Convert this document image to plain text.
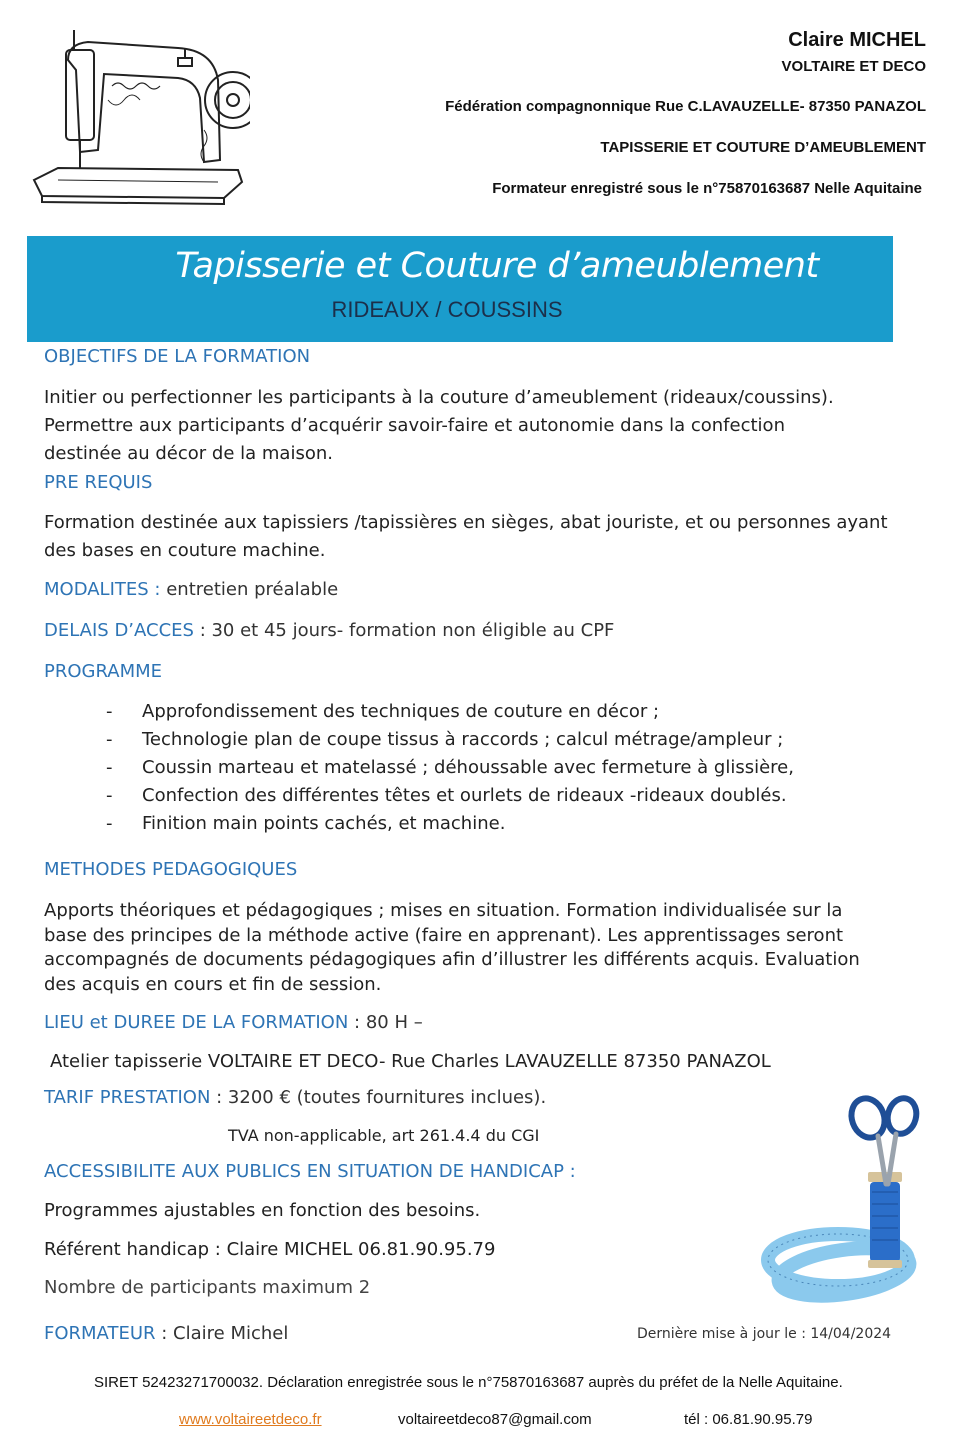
Claire MICHEL
VOLTAIRE ET DECO
Fédération compagnonnique Rue C.LAVAUZELLE- 87350 PANAZOL
TAPISSERIE ET COUTURE D’AMEUBLEMENT
Formateur enregistré sous le n°75870163687 Nelle Aquitaine
Tapisserie et Couture d’ameublement
RIDEAUX / COUSSINS
OBJECTIFS DE LA FORMATION
Initier ou perfectionner les participants à la couture d’ameublement (rideaux/coussins).
Permettre aux participants d’acquérir savoir-faire et autonomie dans la confection
destinée au décor de la maison.
PRE REQUIS
Formation destinée aux tapissiers /tapissières en sièges, abat jouriste, et ou personnes ayant
des bases en couture machine.
MODALITES : entretien préalable
DELAIS D’ACCES : 30 et 45 jours- formation non éligible au CPF
PROGRAMME
-	Approfondissement des techniques de couture en décor ;
-	Technologie plan de coupe tissus à raccords ; calcul métrage/ampleur ;
-	Coussin marteau et matelassé ; déhoussable avec fermeture à glissière,
-	Confection des différentes têtes et ourlets de rideaux -rideaux doublés.
-	Finition main points cachés, et machine.
METHODES PEDAGOGIQUES
Apports théoriques et pédagogiques ; mises en situation. Formation individualisée sur la
base des principes de la méthode active (faire en apprenant). Les apprentissages seront
accompagnés de documents pédagogiques afin d’illustrer les différents acquis. Evaluation
des acquis en cours et fin de session.
LIEU et DUREE DE LA FORMATION : 80 H –
Atelier tapisserie VOLTAIRE ET DECO- Rue Charles LAVAUZELLE 87350 PANAZOL
TARIF PRESTATION : 3200 € (toutes fournitures inclues).
TVA non-applicable, art 261.4.4 du CGI
ACCESSIBILITE AUX PUBLICS EN SITUATION DE HANDICAP :
Programmes ajustables en fonction des besoins.
Référent handicap : Claire MICHEL 06.81.90.95.79
Nombre de participants maximum 2
FORMATEUR : Claire Michel	Dernière mise à jour le : 14/04/2024
SIRET 52423271700032. Déclaration enregistrée sous le n°75870163687 auprès du préfet de la Nelle Aquitaine.
www.voltaireetdeco.fr	voltaireetdeco87@gmail.com	tél : 06.81.90.95.79
